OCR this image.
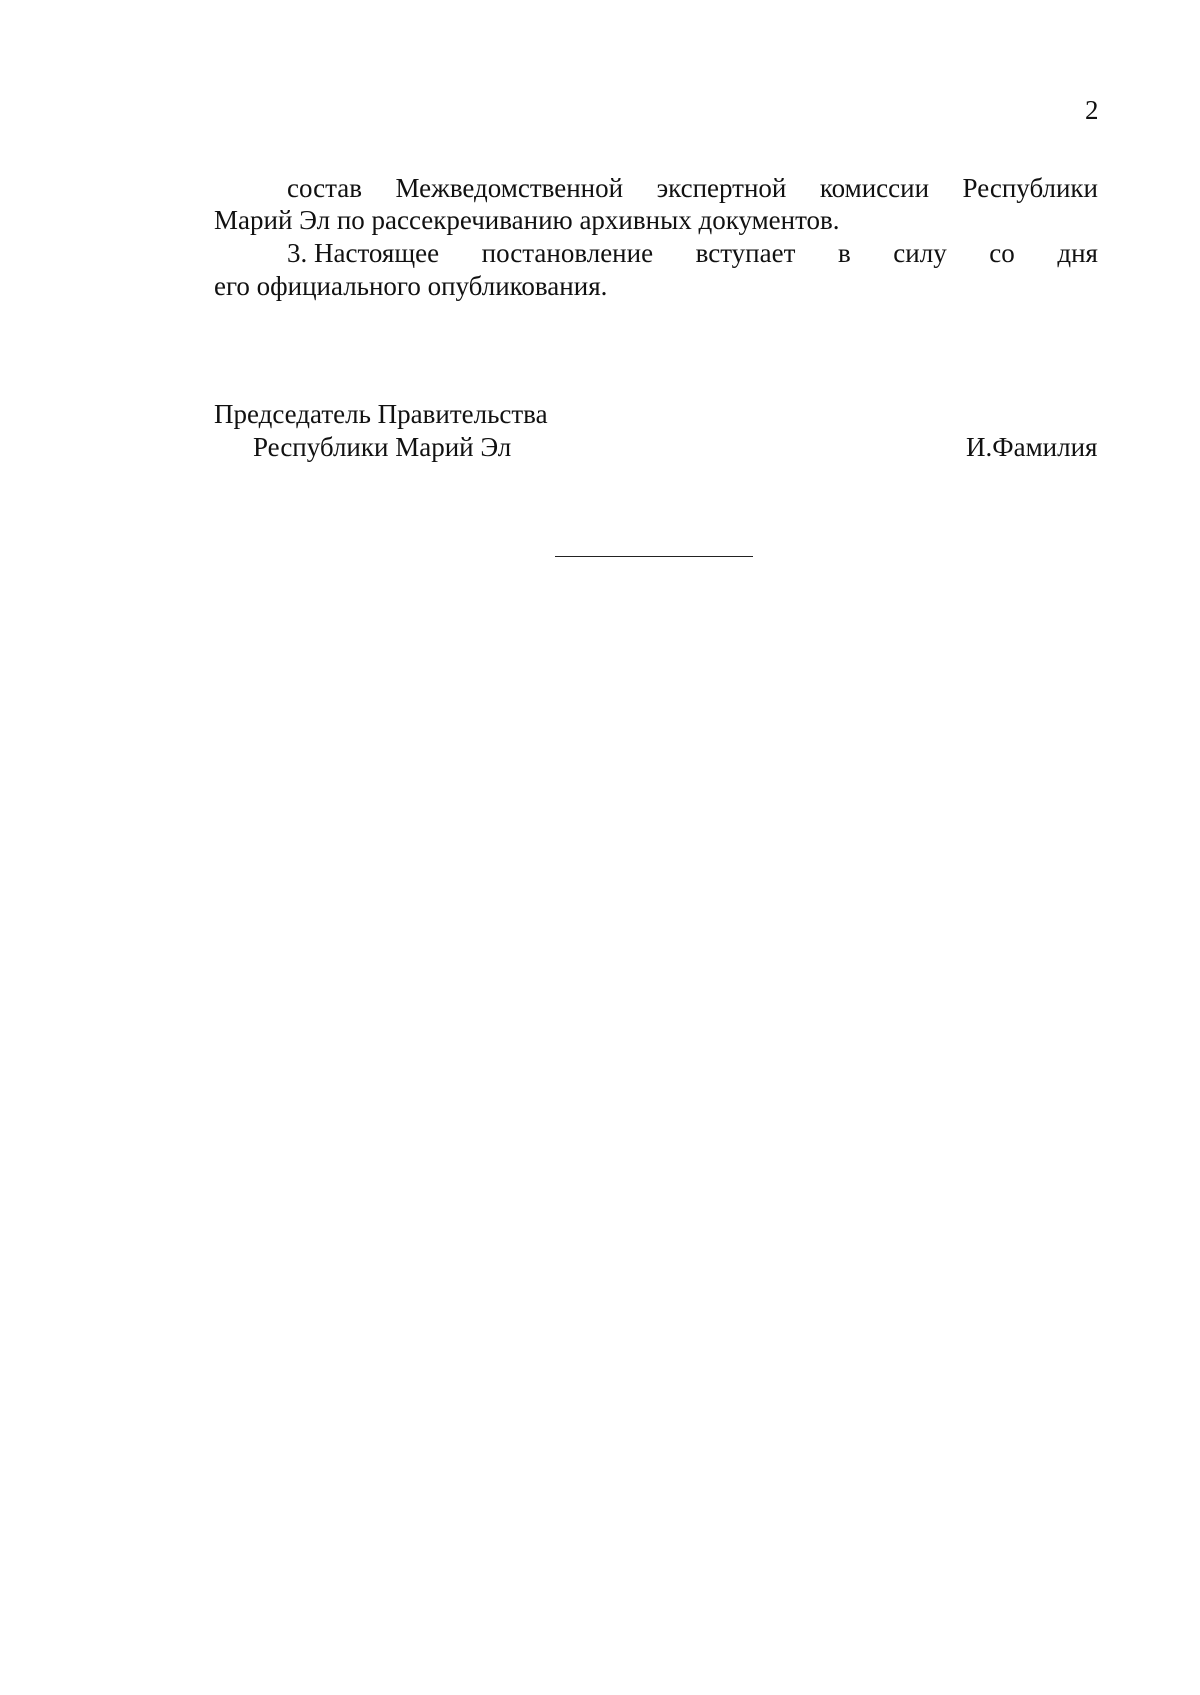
2
состав Межведомственной экспертной комиссии Республики
Марий Эл по рассекречиванию архивных документов.
3. Настоящее постановление вступает в силу со дня
его официального опубликования.
Председатель Правительства
Республики Марий Эл	И.Фамилия
